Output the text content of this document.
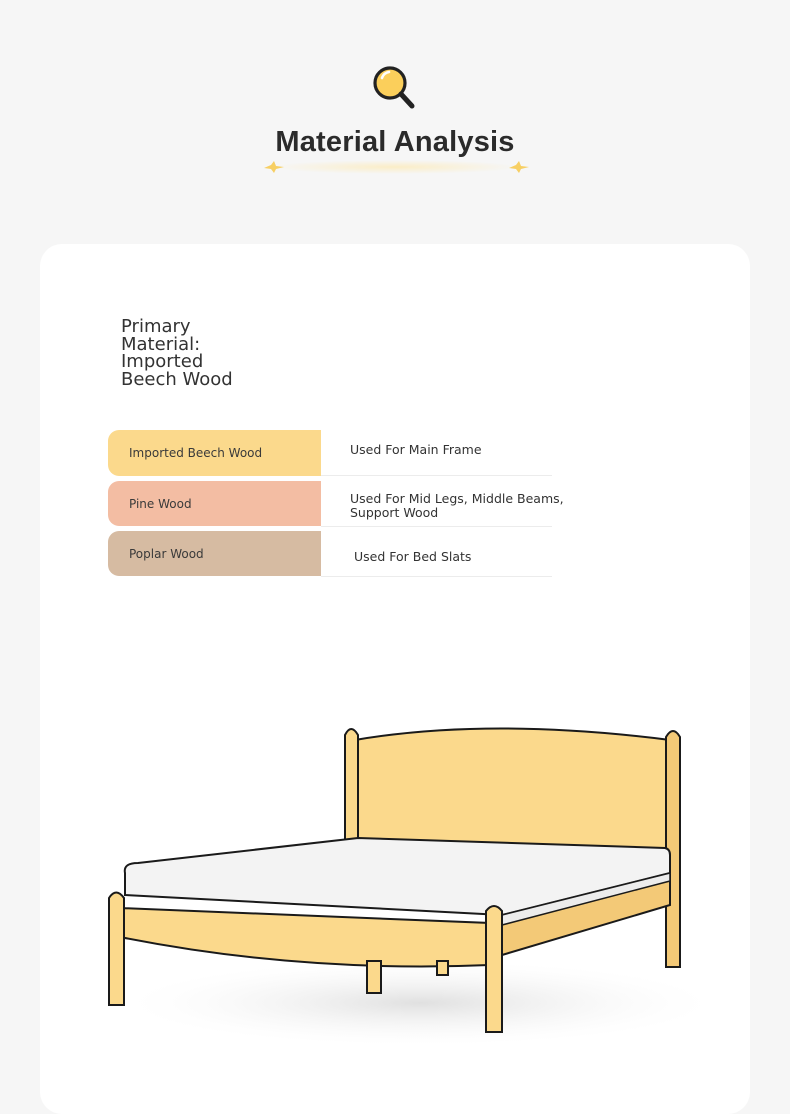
Material Analysis
Primary Material: Imported Beech Wood
Imported Beech Wood	Used For Main Frame
Pine Wood	Used For Mid Legs, Middle Beams, Support Wood
Poplar Wood	Used For Bed Slats
